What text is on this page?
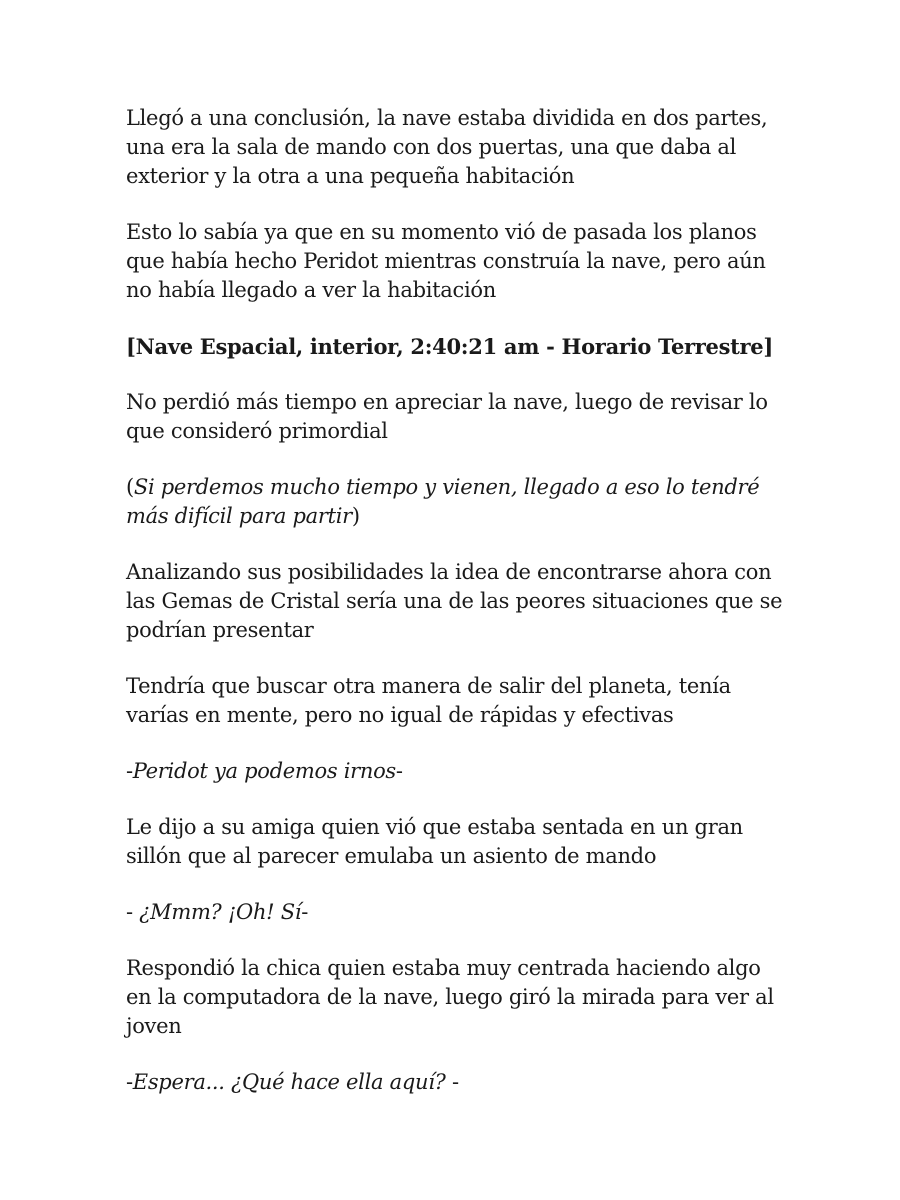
Llegó a una conclusión, la nave estaba dividida en dos partes, una era la sala de mando con dos puertas, una que daba al exterior y la otra a una pequeña habitación

Esto lo sabía ya que en su momento vió de pasada los planos que había hecho Peridot mientras construía la nave, pero aún no había llegado a ver la habitación

[Nave Espacial, interior, 2:40:21 am - Horario Terrestre]

No perdió más tiempo en apreciar la nave, luego de revisar lo que consideró primordial

(Si perdemos mucho tiempo y vienen, llegado a eso lo tendré más difícil para partir)

Analizando sus posibilidades la idea de encontrarse ahora con las Gemas de Cristal sería una de las peores situaciones que se podrían presentar

Tendría que buscar otra manera de salir del planeta, tenía varías en mente, pero no igual de rápidas y efectivas

-Peridot ya podemos irnos-

Le dijo a su amiga quien vió que estaba sentada en un gran sillón que al parecer emulaba un asiento de mando

- ¿Mmm? ¡Oh! Sí-

Respondió la chica quien estaba muy centrada haciendo algo en la computadora de la nave, luego giró la mirada para ver al joven

-Espera... ¿Qué hace ella aquí? -
